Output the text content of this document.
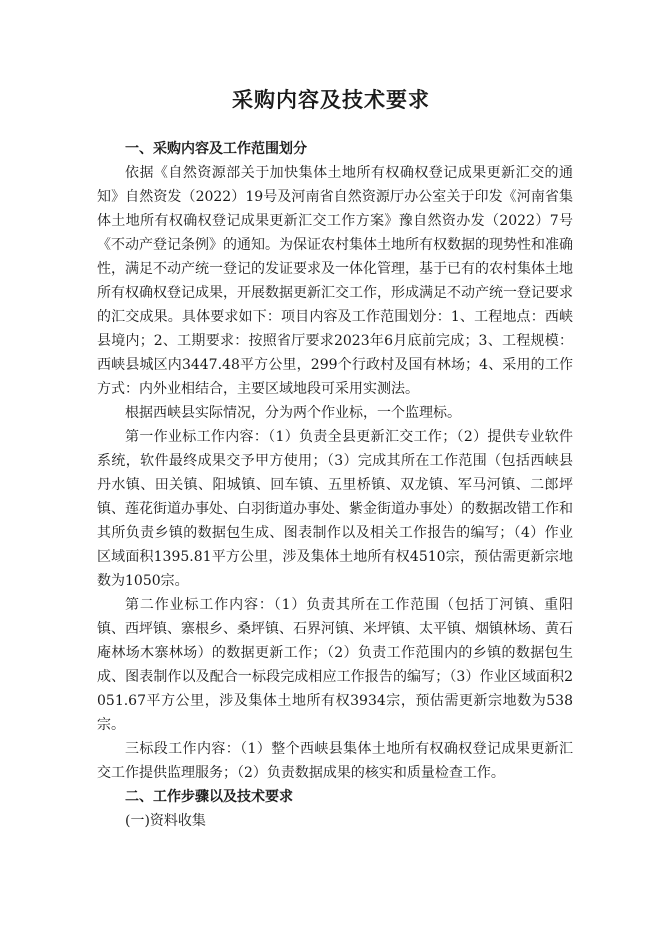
采购内容及技术要求

一、采购内容及工作范围划分

依据《自然资源部关于加快集体土地所有权确权登记成果更新汇交的通知》自然资发（2022）19号及河南省自然资源厅办公室关于印发《河南省集体土地所有权确权登记成果更新汇交工作方案》豫自然资办发（2022）7号《不动产登记条例》的通知。为保证农村集体土地所有权数据的现势性和准确性，满足不动产统一登记的发证要求及一体化管理，基于已有的农村集体土地所有权确权登记成果，开展数据更新汇交工作，形成满足不动产统一登记要求的汇交成果。具体要求如下：项目内容及工作范围划分：1、工程地点：西峡县境内；2、工期要求：按照省厅要求2023年6月底前完成；3、工程规模：西峡县城区内3447.48平方公里，299个行政村及国有林场；4、采用的工作方式：内外业相结合，主要区域地段可采用实测法。

根据西峡县实际情况，分为两个作业标，一个监理标。

第一作业标工作内容：（1）负责全县更新汇交工作；（2）提供专业软件系统，软件最终成果交予甲方使用；（3）完成其所在工作范围（包括西峡县丹水镇、田关镇、阳城镇、回车镇、五里桥镇、双龙镇、军马河镇、二郎坪镇、莲花街道办事处、白羽街道办事处、紫金街道办事处）的数据改错工作和其所负责乡镇的数据包生成、图表制作以及相关工作报告的编写；（4）作业区域面积1395.81平方公里，涉及集体土地所有权4510宗，预估需更新宗地数为1050宗。

第二作业标工作内容：（1）负责其所在工作范围（包括丁河镇、重阳镇、西坪镇、寨根乡、桑坪镇、石界河镇、米坪镇、太平镇、烟镇林场、黄石庵林场木寨林场）的数据更新工作；（2）负责工作范围内的乡镇的数据包生成、图表制作以及配合一标段完成相应工作报告的编写；（3）作业区域面积2051.67平方公里，涉及集体土地所有权3934宗，预估需更新宗地数为538宗。

三标段工作内容：（1）整个西峡县集体土地所有权确权登记成果更新汇交工作提供监理服务；（2）负责数据成果的核实和质量检查工作。

二、工作步骤以及技术要求

(一)资料收集
